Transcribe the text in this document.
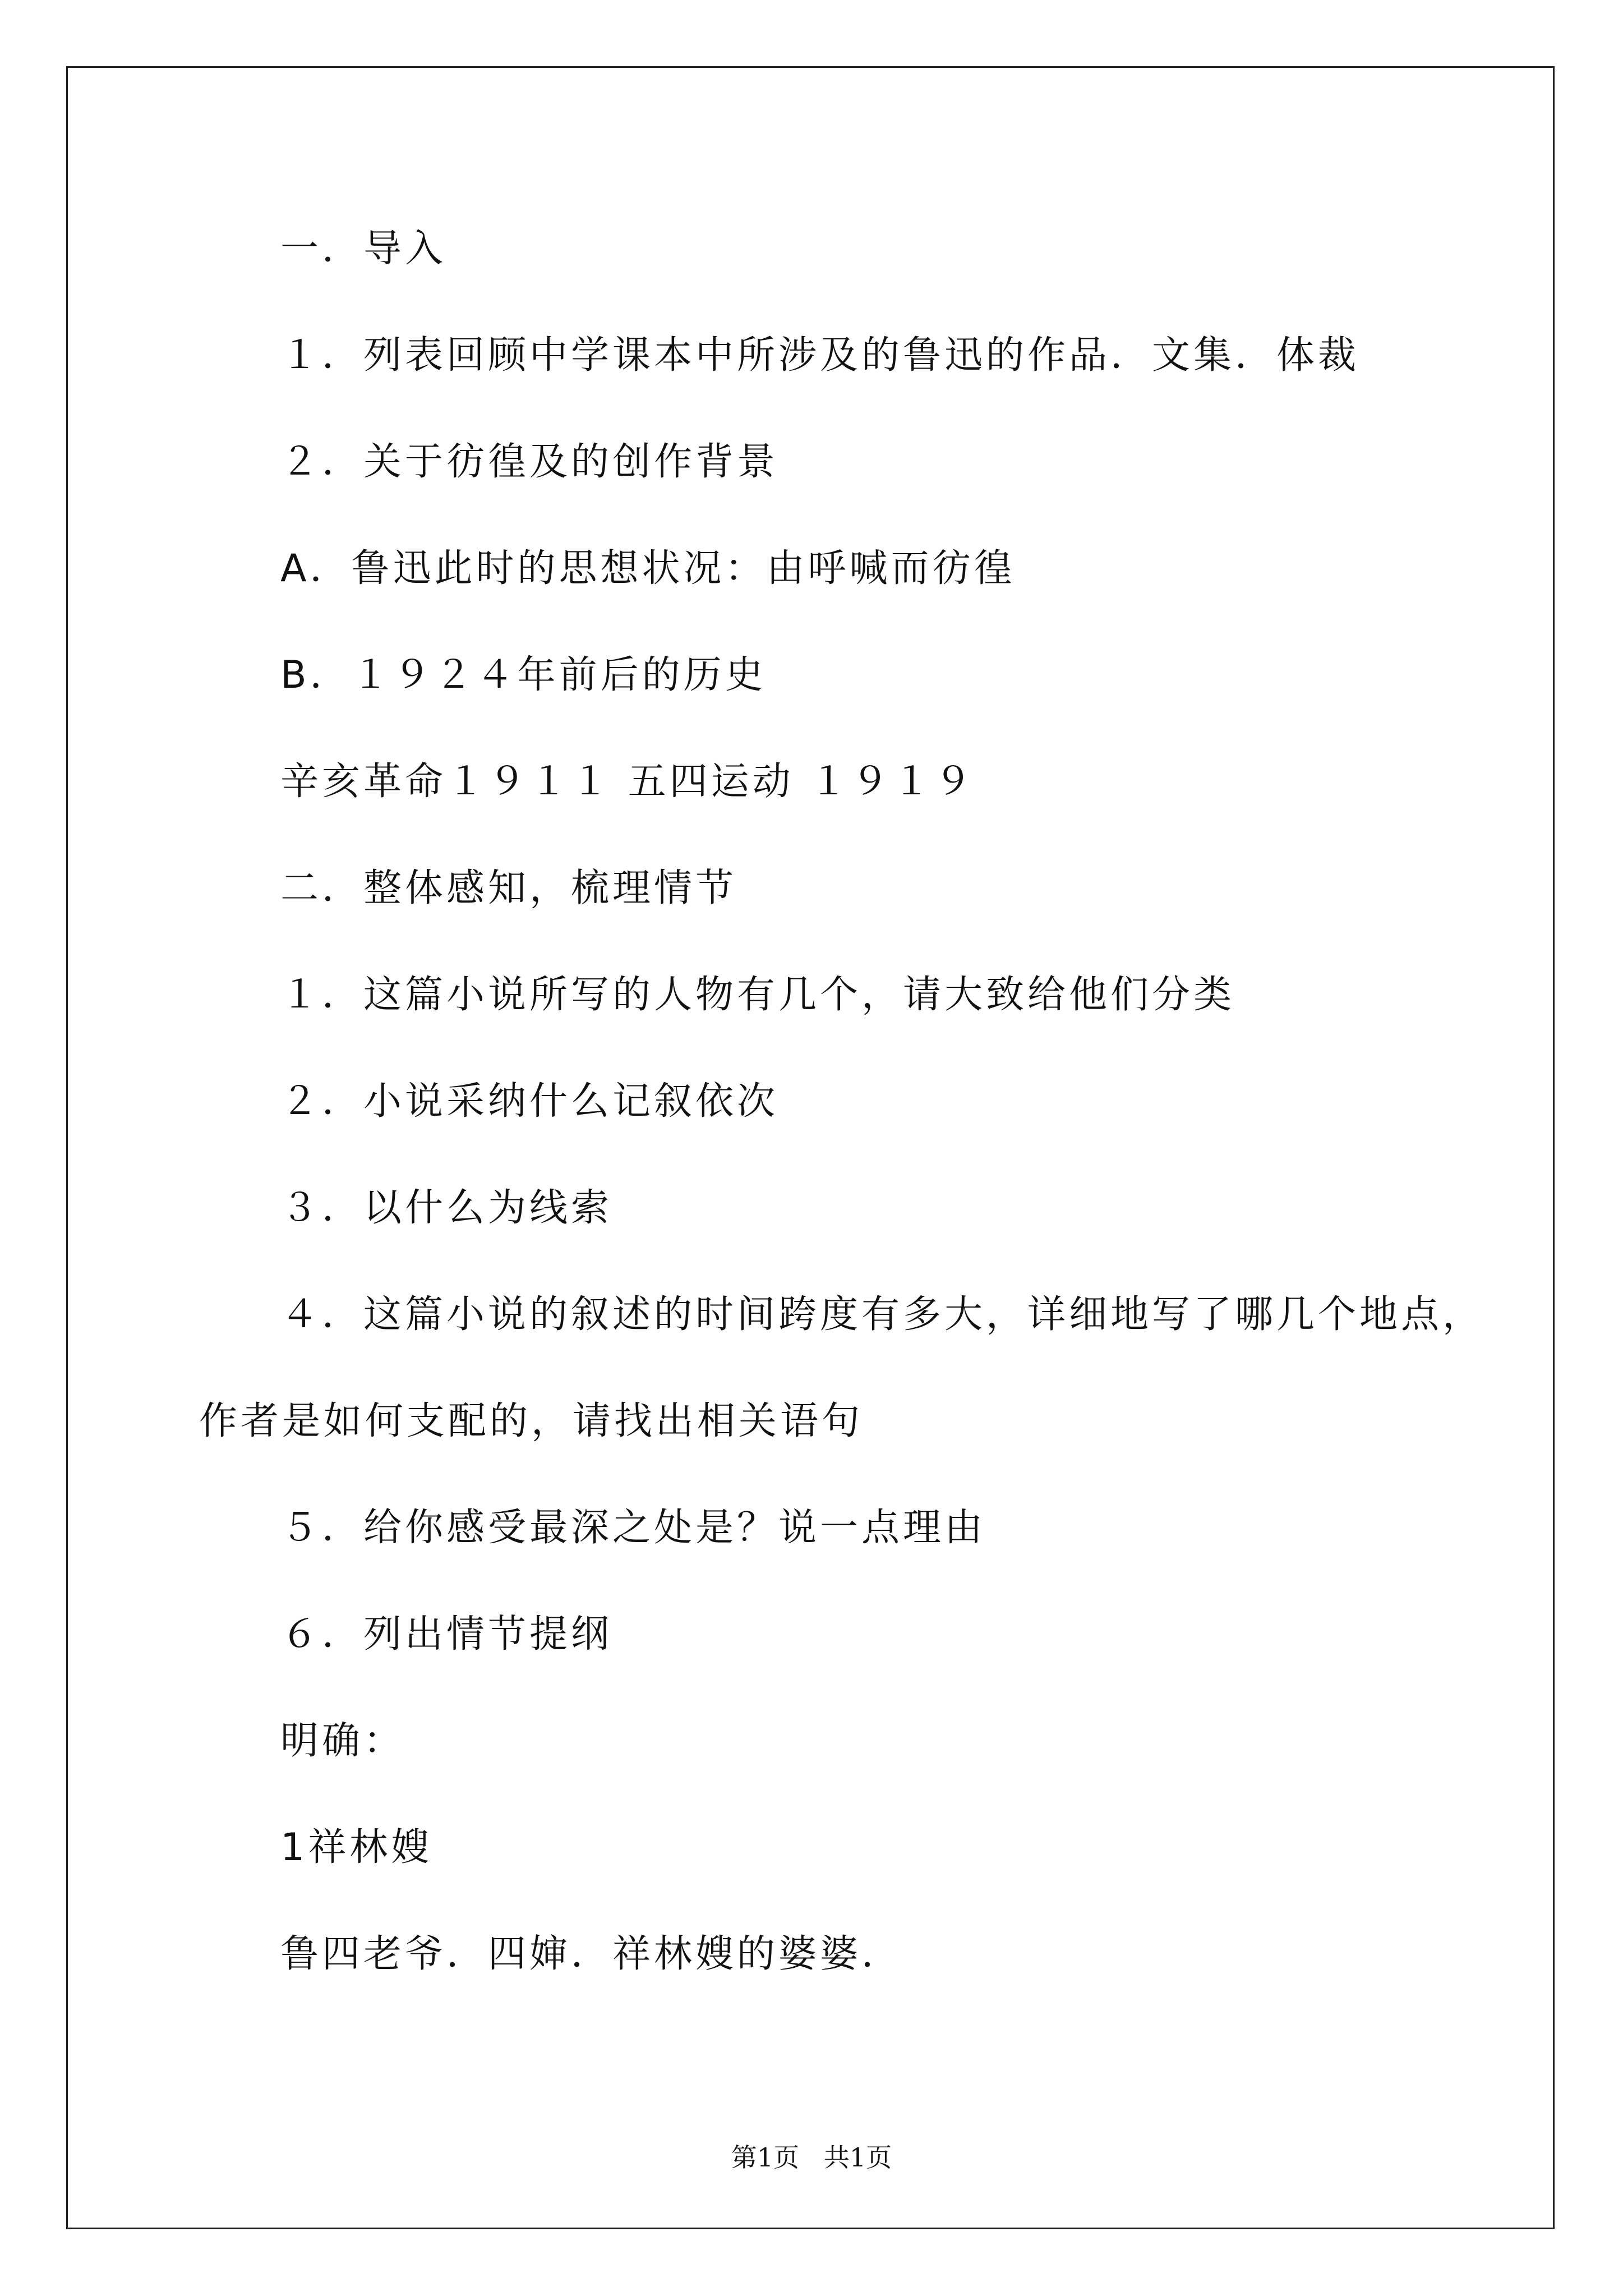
一．导入
１．列表回顾中学课本中所涉及的鲁迅的作品．文集．体裁
２．关于彷徨及的创作背景
A．鲁迅此时的思想状况：由呼喊而彷徨
B．１９２４年前后的历史
辛亥革命１９１１ 五四运动 １９１９
二．整体感知，梳理情节
１．这篇小说所写的人物有几个，请大致给他们分类
２．小说采纳什么记叙依次
３．以什么为线索
４．这篇小说的叙述的时间跨度有多大，详细地写了哪几个地点，
作者是如何支配的，请找出相关语句
５．给你感受最深之处是？说一点理由
６．列出情节提纲
明确：
1祥林嫂
鲁四老爷．四婶．祥林嫂的婆婆．
第1页   共1页
